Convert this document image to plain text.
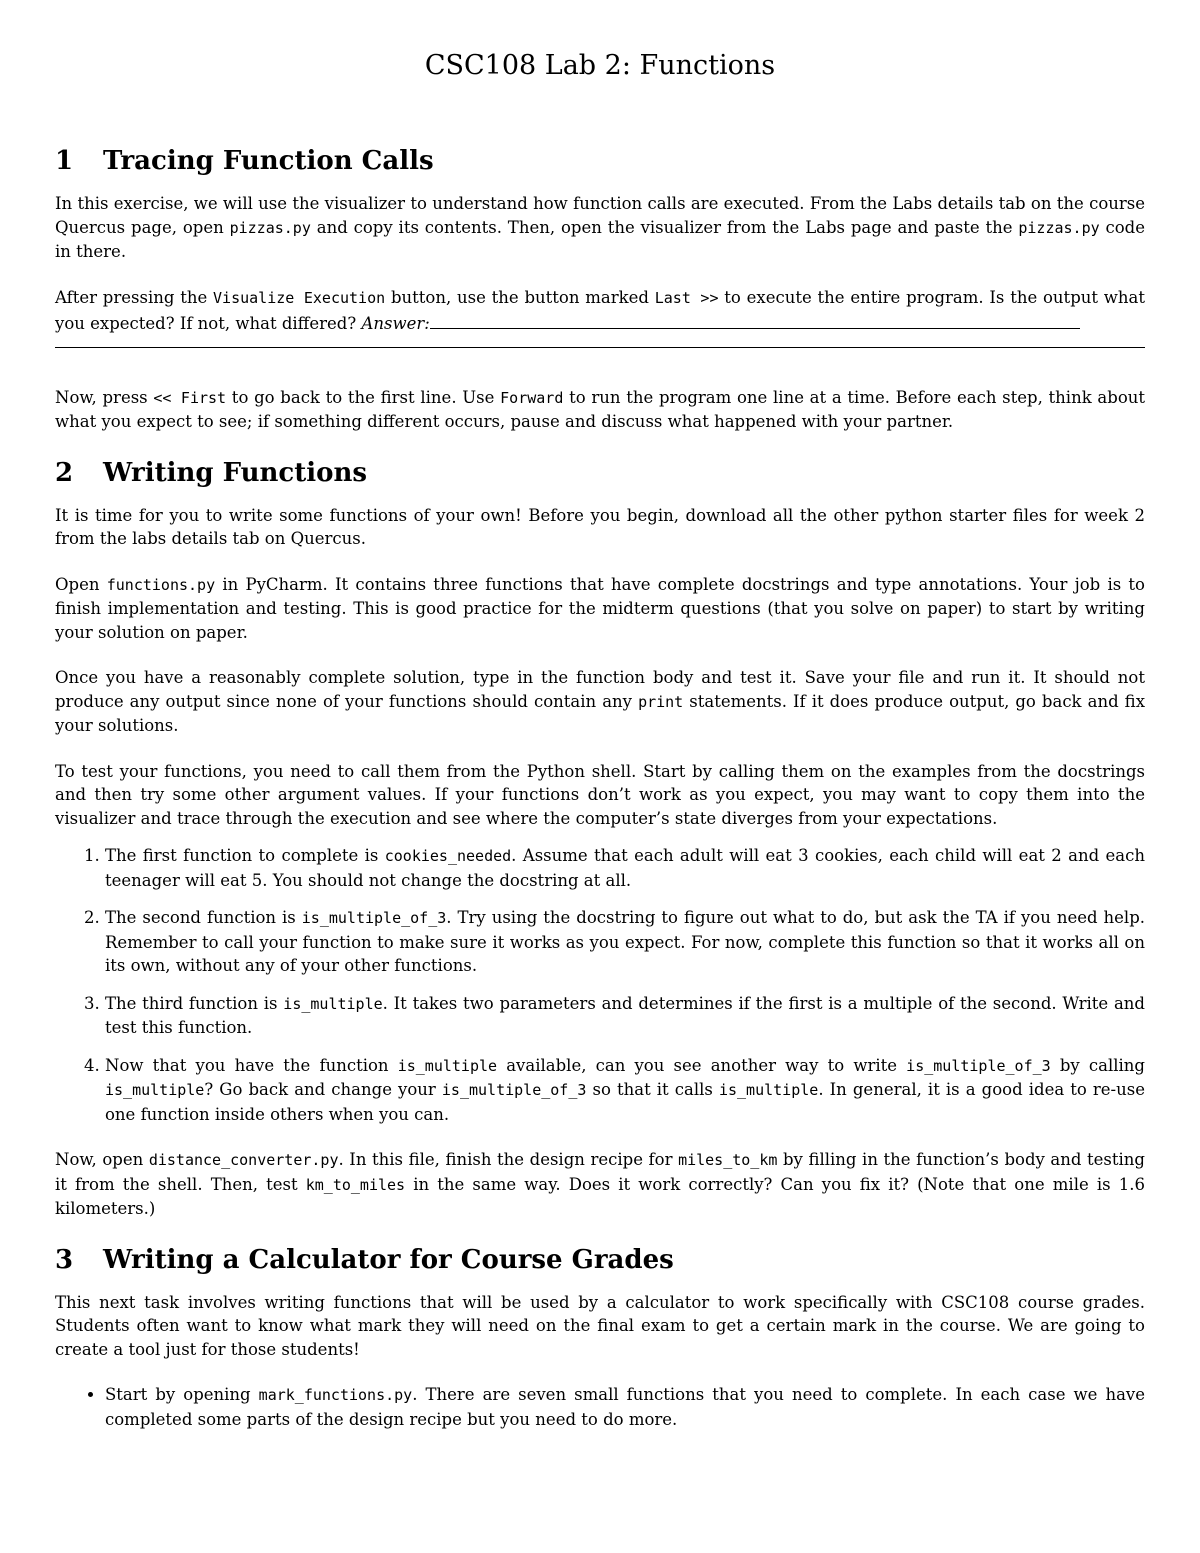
CSC108 Lab 2: Functions
1 Tracing Function Calls

In this exercise, we will use the visualizer to understand how function calls are executed. From the Labs details tab on the course Quercus page, open pizzas.py and copy its contents. Then, open the visualizer from the Labs page and paste the pizzas.py code in there.

After pressing the Visualize Execution button, use the button marked Last >> to execute the entire program. Is the output what you expected? If not, what differed? Answer:

Now, press << First to go back to the first line. Use Forward to run the program one line at a time. Before each step, think about what you expect to see; if something different occurs, pause and discuss what happened with your partner.

2 Writing Functions

It is time for you to write some functions of your own! Before you begin, download all the other python starter files for week 2 from the labs details tab on Quercus.

Open functions.py in PyCharm. It contains three functions that have complete docstrings and type annotations. Your job is to finish implementation and testing. This is good practice for the midterm questions (that you solve on paper) to start by writing your solution on paper.

Once you have a reasonably complete solution, type in the function body and test it. Save your file and run it. It should not produce any output since none of your functions should contain any print statements. If it does produce output, go back and fix your solutions.

To test your functions, you need to call them from the Python shell. Start by calling them on the examples from the docstrings and then try some other argument values. If your functions don’t work as you expect, you may want to copy them into the visualizer and trace through the execution and see where the computer’s state diverges from your expectations.

1. The first function to complete is cookies_needed. Assume that each adult will eat 3 cookies, each child will eat 2 and each teenager will eat 5. You should not change the docstring at all.
2. The second function is is_multiple_of_3. Try using the docstring to figure out what to do, but ask the TA if you need help. Remember to call your function to make sure it works as you expect. For now, complete this function so that it works all on its own, without any of your other functions.
3. The third function is is_multiple. It takes two parameters and determines if the first is a multiple of the second. Write and test this function.
4. Now that you have the function is_multiple available, can you see another way to write is_multiple_of_3 by calling is_multiple? Go back and change your is_multiple_of_3 so that it calls is_multiple. In general, it is a good idea to re-use one function inside others when you can.

Now, open distance_converter.py. In this file, finish the design recipe for miles_to_km by filling in the function’s body and testing it from the shell. Then, test km_to_miles in the same way. Does it work correctly? Can you fix it? (Note that one mile is 1.6 kilometers.)

3 Writing a Calculator for Course Grades

This next task involves writing functions that will be used by a calculator to work specifically with CSC108 course grades. Students often want to know what mark they will need on the final exam to get a certain mark in the course. We are going to create a tool just for those students!

• Start by opening mark_functions.py. There are seven small functions that you need to complete. In each case we have completed some parts of the design recipe but you need to do more.
